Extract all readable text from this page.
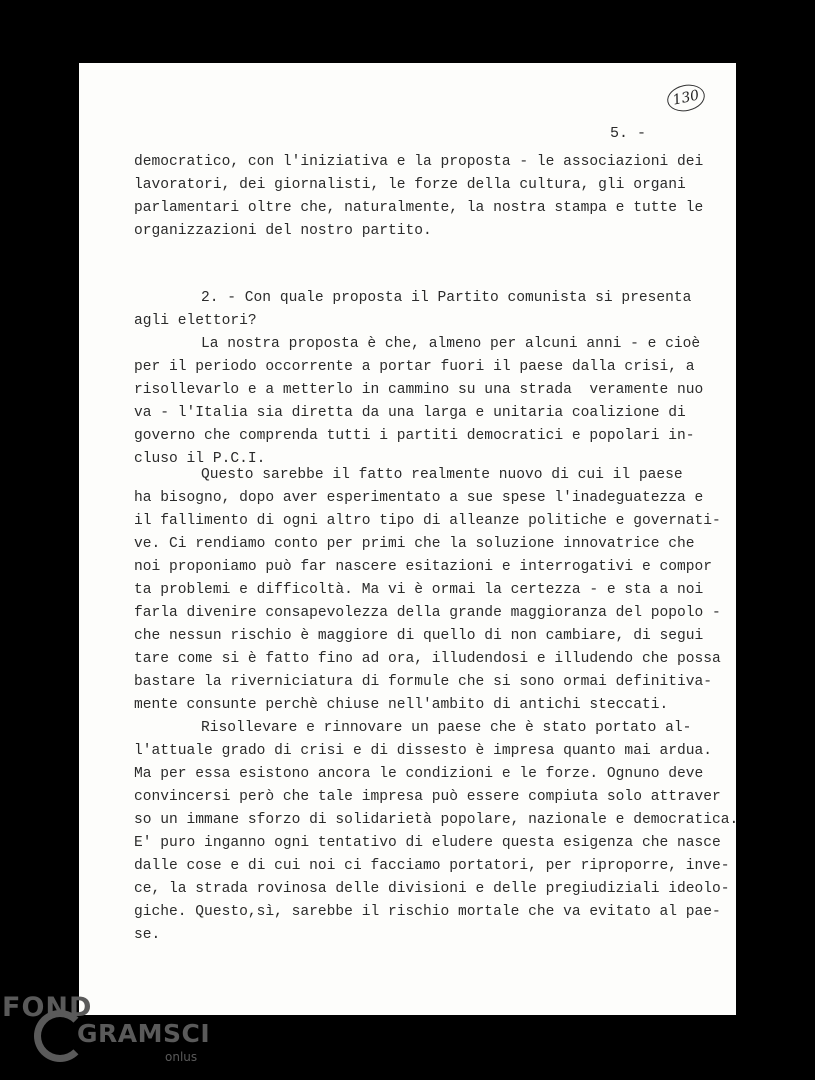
130
5. -
democratico, con l'iniziativa e la proposta - le associazioni dei
lavoratori, dei giornalisti, le forze della cultura, gli organi
parlamentari oltre che, naturalmente, la nostra stampa e tutte le
organizzazioni del nostro partito.
2. - Con quale proposta il Partito comunista si presenta
agli elettori?
La nostra proposta è che, almeno per alcuni anni - e cioè
per il periodo occorrente a portar fuori il paese dalla crisi, a
risollevarlo e a metterlo in cammino su una strada  veramente nuo
va - l'Italia sia diretta da una larga e unitaria coalizione di
governo che comprenda tutti i partiti democratici e popolari in-
cluso il P.C.I.
Questo sarebbe il fatto realmente nuovo di cui il paese
ha bisogno, dopo aver esperimentato a sue spese l'inadeguatezza e
il fallimento di ogni altro tipo di alleanze politiche e governati-
ve. Ci rendiamo conto per primi che la soluzione innovatrice che
noi proponiamo può far nascere esitazioni e interrogativi e compor
ta problemi e difficoltà. Ma vi è ormai la certezza - e sta a noi
farla divenire consapevolezza della grande maggioranza del popolo -
che nessun rischio è maggiore di quello di non cambiare, di segui
tare come si è fatto fino ad ora, illudendosi e illudendo che possa
bastare la riverniciatura di formule che si sono ormai definitiva-
mente consunte perchè chiuse nell'ambito di antichi steccati.
Risollevare e rinnovare un paese che è stato portato al-
l'attuale grado di crisi e di dissesto è impresa quanto mai ardua.
Ma per essa esistono ancora le condizioni e le forze. Ognuno deve
convincersi però che tale impresa può essere compiuta solo attraver
so un immane sforzo di solidarietà popolare, nazionale e democratica.
E' puro inganno ogni tentativo di eludere questa esigenza che nasce
dalle cose e di cui noi ci facciamo portatori, per riproporre, inve-
ce, la strada rovinosa delle divisioni e delle pregiudiziali ideolo-
giche. Questo,sì, sarebbe il rischio mortale che va evitato al pae-
se.
FOND
GRAMSCI
onlus
